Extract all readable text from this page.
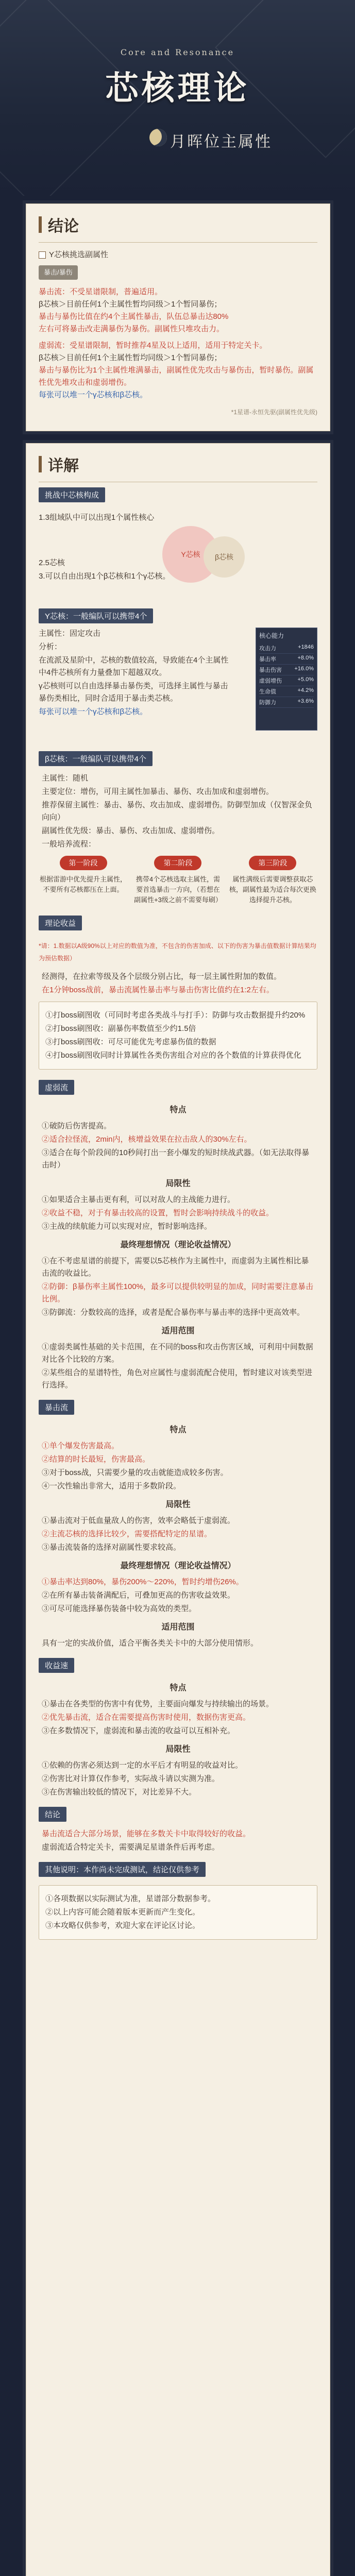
Core and Resonance
芯核理论
月晖位主属性
结论
Y芯核挑选副属性
暴击/暴伤
暴击流：不受星谱限制，普遍适用。
β芯核＞目前任何1个主属性暂均同级＞1个暂同暴伤；
暴击与暴伤比值在约4个主属性暴击，队伍总暴击达80%
左右可将暴击改走满暴伤为暴伤。副属性只堆攻击力。
虚弱流：受星谱限制，暂时推荐4星及以上适用，适用于特定关卡。
β芯核＞目前任何1个主属性暂均同级＞1个暂同暴伤；
暴击与暴伤比为1个主属性堆满暴击，副属性优先攻击与暴伤击，暂时暴伤。副属性优先堆攻击和虚弱增伤。
每张可以堆一个γ芯核和β芯核。
*1星谱-永恒先驱(副属性优先级)
详解
挑战中芯核构成
1.3组域队中可以出现1个属性核心
2.5芯核
3.可以自由出现1个β芯核和1个γ芯核。
Y芯核	β芯核
Y芯核：一般编队可以携带4个
主属性：固定攻击
分析：
在流派及星阶中，芯核的数值较高，导致能在4个主属性中4件芯核所有力量叠加下超越双攻。
γ芯核则可以自由选择暴击暴伤类，可选择主属性与暴击暴伤类相比，同时合适用于暴击类芯核。
每张可以堆一个γ芯核和β芯核。
核心能力
攻击力	+1846
暴击率	+8.0%
暴击伤害 +16.0%
虚弱增伤	+5.0%
生命值	+4.2%
防御力	+3.6%
β芯核：一般编队可以携带4个
主属性：随机
主要定位：增伤，可用主属性加暴击、暴伤、攻击加成和虚弱增伤。
推荐保留主属性：暴击、暴伤、攻击加成、虚弱增伤。防御型加成（仅智深金负向向）
副属性优先级：暴击、暴伤、攻击加成、虚弱增伤。
一般培养流程：
第一阶段
根据雷游中优先提升主属性，不要所有芯核都压在上面。
第二阶段
携带4个芯核选取主属性，需要首选暴击一方向，（若想在副属性+3级之前不需要每刷）
第三阶段
属性满级后需要调整获取芯核，副属性最为适合每次更换选择提升芯核。
理论收益
*请：1.数据以A级90%以上对应的数值为准，不包含的伤害加成、以下的伤害为暴击值数据计算结果均为预估数据）
经测得，在拉索等级及各个层级分别占比，每一层主属性附加的数值。
在1分钟boss战前，暴击流属性暴击率与暴击伤害比值约在1:2左右。
①打boss刷图收（可同时考虑各类战斗与打手）：防御与攻击数据提升约20%
②打boss刷图收：副暴伤率数值至少约1.5倍
③打boss刷图收：可尽可能优先考虑暴伤值的数据
④打boss刷图收同时计算属性各类伤害组合对应的各个数值的计算获得优化
虚弱流
特点
①破防后伤害提高。
②适合拉怪流，2min内，核增益效果在拉击敌人的30%左右。
③适合在每个阶段间的10秒间打出一套小爆发的短时续战武器。（如无法取得暴击时）
局限性
①如果适合主暴击更有利，可以对敌人的主战能力进行。
②收益不稳，对于有暴击较高的设置，暂时会影响持续战斗的收益。
③主战的续航能力可以实现对应，暂时影响选择。
最终理想情况（理论收益情况）
①在不考虑星谱的前提下，需要以5芯核作为主属性中，而虚弱为主属性相比暴击流的收益比。
②防御：β暴伤率主属性100%，最多可以提供较明显的加成，同时需要注意暴击比例。
③防御流：分数较高的选择，或者是配合暴伤率与暴击率的选择中更高效率。
适用范围
①虚弱类属性基础的关卡范围，在不同的boss和攻击伤害区域，可利用中间数据对比各个比较的方案。
②某些组合的星谱特性，角色对应属性与虚弱流配合使用，暂时建议对该类型进行选择。
暴击流
特点
①单个爆发伤害最高。
②结算的时长最短，伤害最高。
③对于boss战，只需要少量的攻击就能造成较多伤害。
④一次性输出非常大，适用于多数阶段。
局限性
①暴击流对于低血量敌人的伤害，效率会略低于虚弱流。
②主流芯核的选择比较少，需要搭配特定的星谱。
③暴击流装备的选择对副属性要求较高。
最终理想情况（理论收益情况）
①暴击率达到80%，暴伤200%～220%，暂时约增伤26%。
②在所有暴击装备满配后，可叠加更高的伤害收益效果。
③可尽可能选择暴伤装备中较为高效的类型。
适用范围
具有一定的实战价值，适合平衡各类关卡中的大部分使用情形。
收益速
特点
①暴击在各类型的伤害中有优势，主要面向爆发与持续输出的场景。
②优先暴击流，适合在需要提高伤害时使用，数据伤害更高。
③在多数情况下，虚弱流和暴击流的收益可以互相补充。
局限性
①依赖的伤害必须达到一定的水平后才有明显的收益对比。
②伤害比对计算仅作参考，实际战斗请以实测为准。
③在伤害输出较低的情况下，对比差异不大。
结论
暴击流适合大部分场景，能够在多数关卡中取得较好的收益。
虚弱流适合特定关卡，需要满足星谱条件后再考虑。
其他说明：本作尚未完成测试，结论仅供参考
①各项数据以实际测试为准，星谱部分数据参考。
②以上内容可能会随着版本更新而产生变化。
③本攻略仅供参考，欢迎大家在评论区讨论。
